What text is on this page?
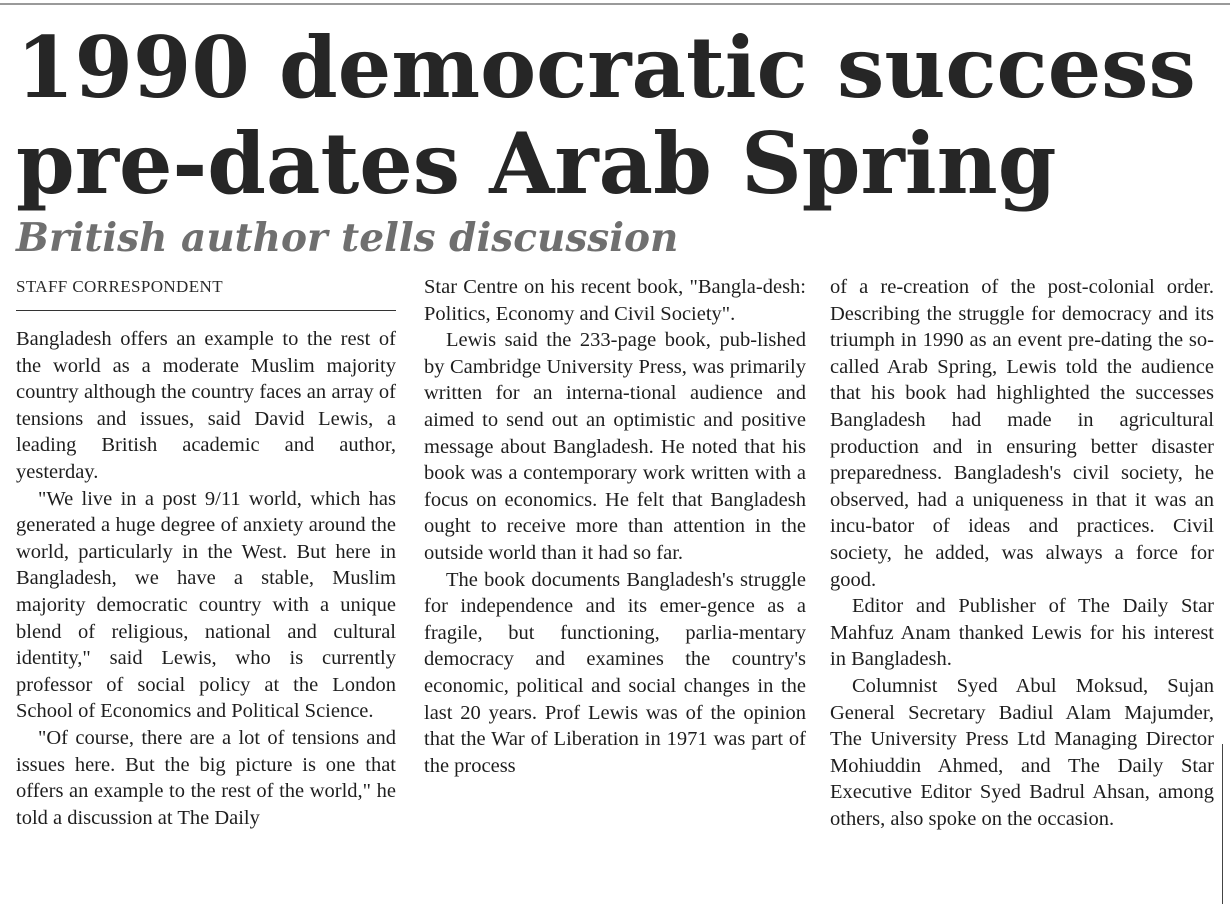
1990 democratic success
pre-dates Arab Spring
British author tells discussion
STAFF CORRESPONDENT

Bangladesh offers an example to the rest of the world as a moderate Muslim majority country although the country faces an array of tensions and issues, said David Lewis, a leading British academic and author, yesterday.

"We live in a post 9/11 world, which has generated a huge degree of anxiety around the world, particularly in the West. But here in Bangladesh, we have a stable, Muslim majority democratic country with a unique blend of religious, national and cultural identity," said Lewis, who is currently professor of social policy at the London School of Economics and Political Science.

"Of course, there are a lot of tensions and issues here. But the big picture is one that offers an example to the rest of the world," he told a discussion at The Daily

Star Centre on his recent book, "Bangla-desh: Politics, Economy and Civil Society".

Lewis said the 233-page book, pub-lished by Cambridge University Press, was primarily written for an interna-tional audience and aimed to send out an optimistic and positive message about Bangladesh. He noted that his book was a contemporary work written with a focus on economics. He felt that Bangladesh ought to receive more than attention in the outside world than it had so far.

The book documents Bangladesh's struggle for independence and its emer-gence as a fragile, but functioning, parlia-mentary democracy and examines the country's economic, political and social changes in the last 20 years. Prof Lewis was of the opinion that the War of Liberation in 1971 was part of the process

of a re-creation of the post-colonial order. Describing the struggle for democracy and its triumph in 1990 as an event pre-dating the so-called Arab Spring, Lewis told the audience that his book had highlighted the successes Bangladesh had made in agricultural production and in ensuring better disaster preparedness. Bangladesh's civil society, he observed, had a uniqueness in that it was an incu-bator of ideas and practices. Civil society, he added, was always a force for good.

Editor and Publisher of The Daily Star Mahfuz Anam thanked Lewis for his interest in Bangladesh.

Columnist Syed Abul Moksud, Sujan General Secretary Badiul Alam Majumder, The University Press Ltd Managing Director Mohiuddin Ahmed, and The Daily Star Executive Editor Syed Badrul Ahsan, among others, also spoke on the occasion.
